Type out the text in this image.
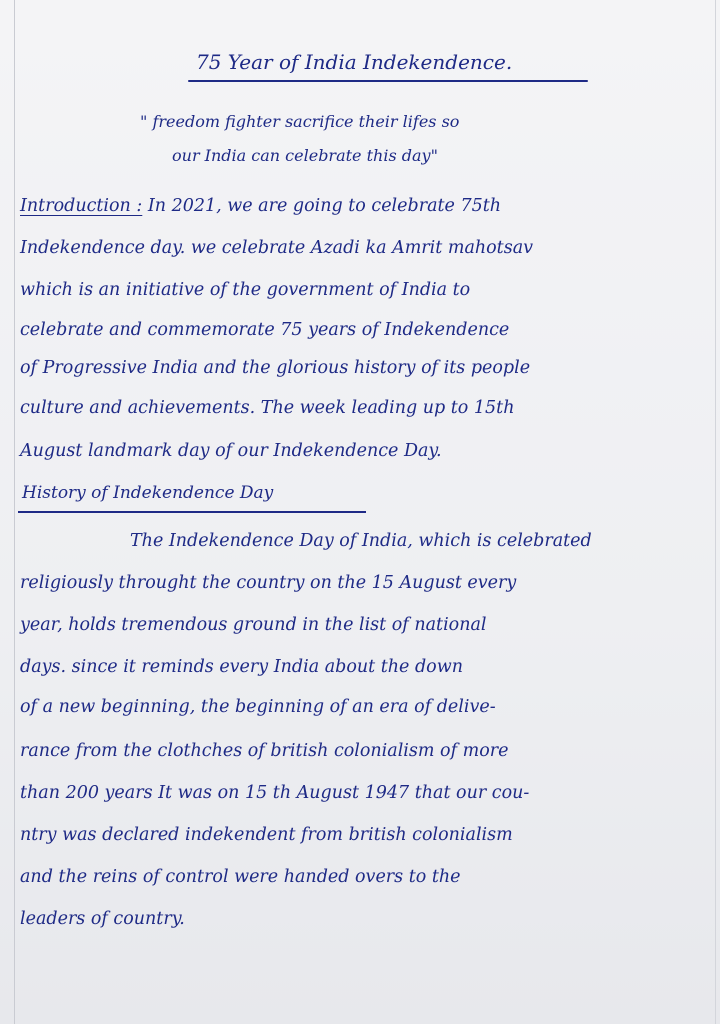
75 Year of India Indekendence.

" freedom fighter sacrifice their lifes so

our India can celebrate this day"

Introduction : In 2021, we are going to celebrate 75th

Indekendence day. we celebrate Azadi ka Amrit mahotsav

which is an initiative of the government of India to

celebrate and commemorate 75 years of Indekendence

of Progressive India and the glorious history of its people

culture and achievements. The week leading up to 15th

August landmark day of our Indekendence Day.

History of Indekendence Day

The Indekendence Day of India, which is celebrated

religiously throught the country on the 15 August every

year, holds tremendous ground in the list of national

days. since it reminds every India about the down

of a new beginning, the beginning of an era of delive-

rance from the clothches of british colonialism of more

than 200 years It was on 15 th August 1947 that our cou-

ntry was declared indekendent from british colonialism

and the reins of control were handed overs to the

leaders of country.
